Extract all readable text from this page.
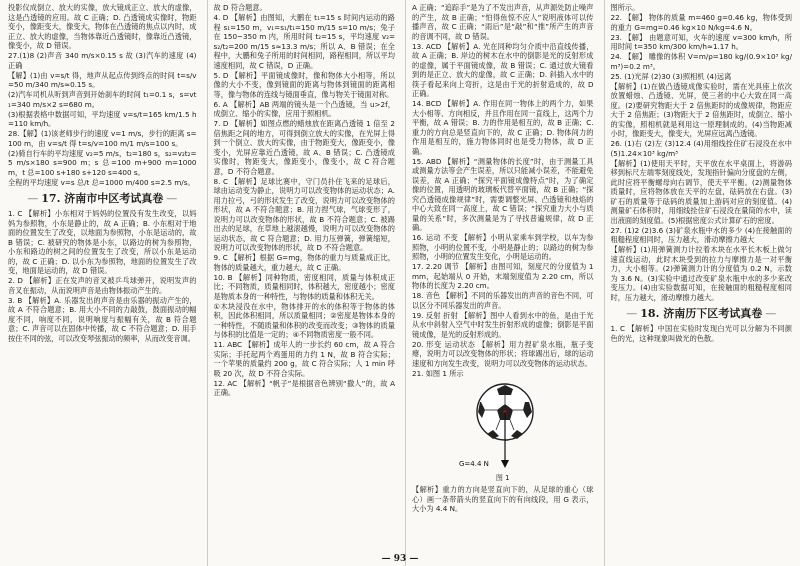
投影仪成倒立、放大的实像，放大镜成正立、放大的虚像，这是凸透镜的应用。故 C 正确；D. 凸透镜成实像时，物距变小，像距变大，像变大，物体在凸透镜的焦点以内时，成正立、放大的虚像，当物体靠近凸透镜时，像靠近凸透镜，像变小，故 D 错误。

27.(1)8 (2)声音 340 m/s×0.15 s 故 (3)汽车的速度 (4)正确

【解】(1)由 v=s/t 得，地声从起点传到终点的时间 t=s/v=50 m/340 m/s≈0.15 s。

(2)汽车司机从听到声音到开始刹车的时间 t₁=0.1 s，s=vt₁=340 m/s×2 s=680 m。

(3)根据表格中数据可知，平均速度 v=s/t=165 km/1.5 h=110 km/h。

28.【解】(1)该老师步行的速度 v=1 m/s，步行的距离 s=100 m，由 v=s/t 得 t=s/v=100 m/1 m/s=100 s。

(2)骑自行车的平均速度 v₂=5 m/s，t₂=180 s，s₂=v₂t₂=5 m/s×180 s=900 m；s 总=100 m+900 m=1000 m，t 总=100 s+180 s+120 s=400 s。

全程的平均速度 v=s 总/t 总=1000 m/400 s=2.5 m/s。

— 17. 济南市中区考试真卷 —

1. C 【解析】小东相对于妈妈的位置没有发生改变，以妈妈为参照物，小东是静止的，故 A 正确；B. 小东相对于地面的位置发生了改变，以地面为参照物，小东是运动的，故 B 错误；C. 被研究的物体是小东，以路边的树为参照物，小东和路边的树之间的位置发生了改变，所以小东是运动的，故 C 正确；D. 以小东为参照物，地面的位置发生了改变，地面是运动的，故 D 错误。

2. D 【解析】正在发声的音叉被乒乓球弹开，说明发声的音叉在振动，从而说明声音是由物体振动产生的。

3. B 【解析】A. 乐器发出的声音是由乐器的振动产生的，故 A 不符合题意；B. 用大小不同的力敲鼓，鼓面振动的幅度不同，响度不同，说明响度与振幅有关，故 B 符合题意；C. 声音可以在固体中传播，故 C 不符合题意；D. 用手按住不同的弦，可以改变琴弦振动的频率，从而改变音调。

故 D 符合题意。

4. D 【解析】由图知，大鹏在 t₁=15 s 时间内运动的路程 s₁=150 m，v₁=s₁/t₁=150 m/15 s=10 m/s；兔子在 150~350 m 内，所用时间 t₂=15 s，平均速度 v₂=s₂/t₂=200 m/15 s≈13.3 m/s；所以 A、B 错误；在全程中，大鹏和兔子所用的时间相同，路程相同，所以平均速度相同，故 C 错误，D 正确。

5. D 【解析】平面镜成像时，像和物体大小相等，所以像的大小不变，像到镜面的距离与物体到镜面的距离相等，像与物体的连线与镜面垂直，像与物关于镜面对称。

6. A 【解析】AB 两端的镜头是一个凸透镜，当 u>2f，成倒立、缩小的实像，应用于照相机。

7. D 【解析】如图点燃的蜡烛放在距离凸透镜 1 倍至 2 倍焦距之间的地方，可得到倒立放大的实像，在光屏上得到一个倒立、放大的实像，由于物距变大，像距变小，像变小，光屏应靠近凸透镜，故 A、B 错误；C. 凸透镜成实像时，物距变大，像距变小，像变小，故 C 符合题意，D 不符合题意。

8. C 【解析】足球比赛中，守门员扑住飞来的足球后，球由运动变为静止，说明力可以改变物体的运动状态；A. 用力拉弓，弓的形状发生了改变，说明力可以改变物体的形状，故 A 不符合题意；B. 用力捏气球，气球变形了，说明力可以改变物体的形状，故 B 不符合题意；C. 被踢出去的足球，在草地上越滚越慢，说明力可以改变物体的运动状态，故 C 符合题意；D. 用力压弹簧，弹簧缩短，说明力可以改变物体的形状，故 D 不符合题意。

9. C 【解析】根据 G=mg，物体的重力与质量成正比，物体的质量越大，重力越大，故 C 正确。

10. B 【解析】同种物质，密度相同，质量与体积成正比；不同物质，质量相同时，体积越大，密度越小；密度是物质本身的一种特性，与物体的质量和体积无关。

①木块浸没在水中，物体排开的水的体积等于物体的体积，因此体积相同，所以质量相同；②密度是物体本身的一种特性，不随质量和体积的改变而改变；③物体的质量与体积的比值是一定的；④不同物质密度一般不同。

11. ABC 【解析】成年人的一步长约 60 cm，故 A 符合实际；手托起两个鸡蛋用的力约 1 N，故 B 符合实际；一个苹果的质量约 200 g，故 C 符合实际；人 1 min 呼吸 20 次，故 D 不符合实际。

12. AC 【解析】“帆子”是根据音色辨别“撒人”的，故 A 正确。

A 正确；“追踪手”是为了不发出声音，从声源处防止噪声的产生，故 B 正确；“怕得鱼惊不应人”说明液体可以传播声音，故 C 正确；“雨后”是“敲”和“推”所产生的声音的音调不同，故 D 错误。

13. ACD 【解析】A. 光在同种均匀介质中沿直线传播，故 A 正确；B. 岸边的树木在水中的倒影是光的反射形成的虚像，属于平面镜成像，故 B 错误；C. 通过放大镜看到的是正立、放大的虚像，故 C 正确；D. 斜插入水中的筷子看起来向上弯折，这是由于光的折射造成的，故 D 正确。

14. BCD 【解析】A. 作用在同一物体上的两个力，如果大小相等、方向相反，并且作用在同一直线上，这两个力平衡，故 A 错误；B. 力的作用是相互的，故 B 正确；C. 重力的方向总是竖直向下的，故 C 正确；D. 物体间力的作用是相互的，施力物体同时也是受力物体，故 D 正确。

15. ABD 【解析】“测量物体的长度”时，由于测量工具或测量方法等会产生误差，所以只能减小误差，不能避免误差，故 A 正确；“探究平面镜成像特点”时，为了确定像的位置，用透明的玻璃板代替平面镜，故 B 正确；“探究凸透镜成像规律”时，需要调整光屏、凸透镜和烛焰的中心大致在同一高度上，故 C 错误；“探究重力大小与质量的关系”时，多次测量是为了寻找普遍规律，故 D 正确。

16. 运动 不变 【解析】小明从家乘车到学校，以车为参照物，小明的位置不变，小明是静止的；以路边的树为参照物，小明的位置发生变化，小明是运动的。

17. 2.20 调节 【解析】由图可知，刻度尺的分度值为 1 mm，起始端从 0 开始，末端刻度值为 2.20 cm，所以物体的长度为 2.20 cm。

18. 音色 【解析】不同的乐器发出的声音的音色不同，可以区分不同乐器发出的声音。

19. 反射 折射 【解析】图中人看到水中的鱼，是由于光从水中斜射入空气中时发生折射形成的虚像；倒影是平面镜成像，是光的反射形成的。

20. 形变 运动状态 【解析】用力捏矿泉水瓶，瓶子变瘪，说明力可以改变物体的形状；将球踢出后，球的运动速度和方向发生改变，说明力可以改变物体的运动状态。

21. 如图 1 所示

G=4.4 N
图 1

【解析】重力的方向是竖直向下的，从足球的重心（球心）画一条带箭头的竖直向下的有向线段，用 G 表示，大小为 4.4 N。

图所示。

22. 【解】 物体的质量 m=460 g=0.46 kg，物体受到的重力 G=mg=0.46 kg×10 N/kg=4.6 N。

23. 【解】 由题意可知，火车的速度 v=300 km/h，所用时间 t=350 km/300 km/h≈1.17 h。

24. 【解】 雕像的体积 V=m/ρ=180 kg/(0.9×10³ kg/m³)=0.2 m³。

25. (1)光屏 (2)30 (3)照相机 (4)远离

【解析】(1)在做凸透镜成像实验时，需在光具座上依次放置蜡烛、凸透镜、光屏，使三者的中心大致在同一高度。(2)要研究物距大于 2 倍焦距时的成像规律，物距应大于 2 倍焦距；(3)物距大于 2 倍焦距时，成倒立、缩小的实像，照相机就是利用这一原理制成的。(4)当物距减小时，像距变大，像变大，光屏应远离凸透镜。

26. (1)右 (2)左 (3)12.4 (4)用细线拴住矿石浸没在水中 (5)1.24×10³ kg/m³

【解析】(1)使用天平时，天平放在水平桌面上，将游码移到标尺左端零刻度线处，发现指针偏向分度盘的左侧，此时应将平衡螺母向右调节，使天平平衡。(2)测量物体质量时，应将物体放在天平的左盘，砝码放在右盘。(3)矿石的质量等于砝码的质量加上游码对应的刻度值。(4)测量矿石体积时，用细线拴住矿石浸没在量筒的水中，读出液面的刻度值。(5)根据密度公式计算矿石的密度。

27. (1)2 (2)3.6 (3)矿泉水瓶中水的多少 (4)在接触面的粗糙程度相同时，压力越大，滑动摩擦力越大

【解析】(1)用弹簧测力计拉着木块在水平长木板上做匀速直线运动，此时木块受到的拉力与摩擦力是一对平衡力，大小相等。(2)弹簧测力计的分度值为 0.2 N，示数为 3.6 N。(3)实验中通过改变矿泉水瓶中水的多少来改变压力。(4)由实验数据可知，在接触面的粗糙程度相同时，压力越大，滑动摩擦力越大。

— 18. 济南历下区考试真卷 —

1. C 【解析】中国在实验时发现白光可以分解为不同颜色的光，这种现象叫做光的色散。

— 93 —
